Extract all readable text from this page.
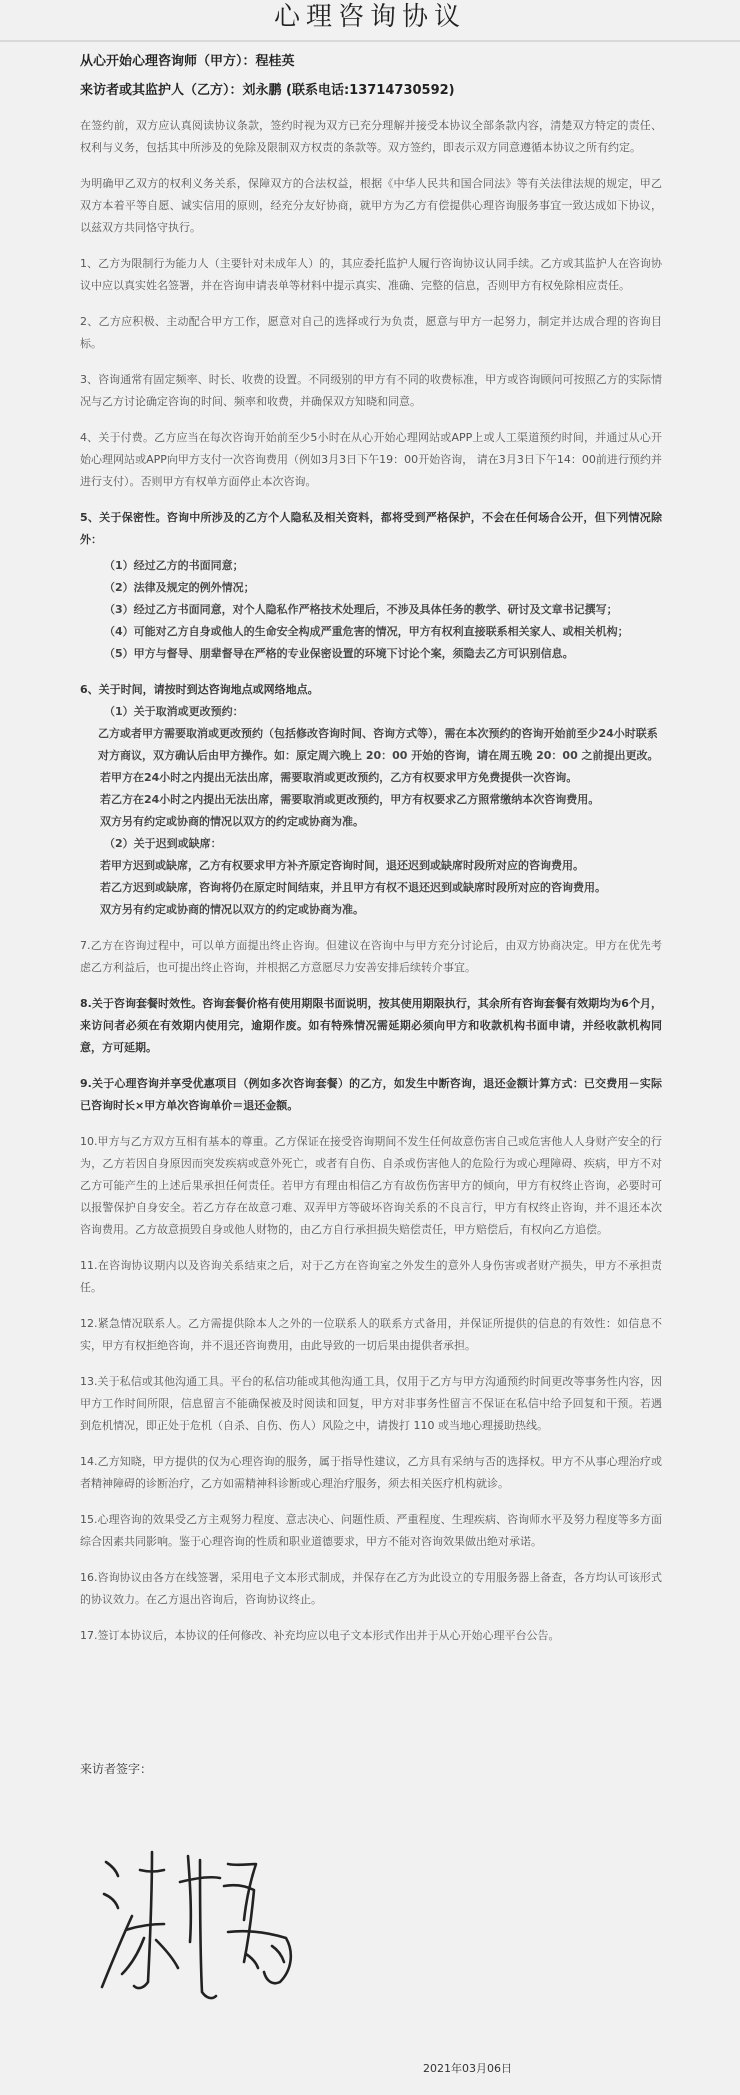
心理咨询协议
从心开始心理咨询师（甲方）：程桂英
来访者或其监护人（乙方）：刘永鹏 (联系电话:13714730592)

在签约前，双方应认真阅读协议条款，签约时视为双方已充分理解并接受本协议全部条款内容，清楚双方特定的责任、权利与义务，包括其中所涉及的免除及限制双方权责的条款等。双方签约，即表示双方同意遵循本协议之所有约定。

为明确甲乙双方的权利义务关系，保障双方的合法权益，根据《中华人民共和国合同法》等有关法律法规的规定，甲乙双方本着平等自愿、诚实信用的原则，经充分友好协商，就甲方为乙方有偿提供心理咨询服务事宜一致达成如下协议，以兹双方共同恪守执行。

1、乙方为限制行为能力人（主要针对未成年人）的，其应委托监护人履行咨询协议认同手续。乙方或其监护人在咨询协议中应以真实姓名签署，并在咨询申请表单等材料中提示真实、准确、完整的信息，否则甲方有权免除相应责任。

2、乙方应积极、主动配合甲方工作，愿意对自己的选择或行为负责，愿意与甲方一起努力，制定并达成合理的咨询目标。

3、咨询通常有固定频率、时长、收费的设置。不同级别的甲方有不同的收费标准，甲方或咨询顾问可按照乙方的实际情况与乙方讨论确定咨询的时间、频率和收费，并确保双方知晓和同意。

4、关于付费。乙方应当在每次咨询开始前至少5小时在从心开始心理网站或APP上或人工渠道预约时间，并通过从心开始心理网站或APP向甲方支付一次咨询费用（例如3月3日下午19：00开始咨询， 请在3月3日下午14：00前进行预约并进行支付）。否则甲方有权单方面停止本次咨询。

5、关于保密性。咨询中所涉及的乙方个人隐私及相关资料，都将受到严格保护，不会在任何场合公开，但下列情况除外：

（1）经过乙方的书面同意；
（2）法律及规定的例外情况；
（3）经过乙方书面同意，对个人隐私作严格技术处理后，不涉及具体任务的教学、研讨及文章书记撰写；
（4）可能对乙方自身或他人的生命安全构成严重危害的情况，甲方有权利直接联系相关家人、或相关机构；
（5）甲方与督导、朋辈督导在严格的专业保密设置的环境下讨论个案，须隐去乙方可识别信息。

6、关于时间，请按时到达咨询地点或网络地点。

（1）关于取消或更改预约：
乙方或者甲方需要取消或更改预约（包括修改咨询时间、咨询方式等），需在本次预约的咨询开始前至少24小时联系对方商议，双方确认后由甲方操作。如：原定周六晚上 20：00 开始的咨询，请在周五晚 20：00 之前提出更改。
若甲方在24小时之内提出无法出席，需要取消或更改预约，乙方有权要求甲方免费提供一次咨询。
若乙方在24小时之内提出无法出席，需要取消或更改预约，甲方有权要求乙方照常缴纳本次咨询费用。
双方另有约定或协商的情况以双方的约定或协商为准。
（2）关于迟到或缺席：
若甲方迟到或缺席，乙方有权要求甲方补齐原定咨询时间，退还迟到或缺席时段所对应的咨询费用。
若乙方迟到或缺席，咨询将仍在原定时间结束，并且甲方有权不退还迟到或缺席时段所对应的咨询费用。
双方另有约定或协商的情况以双方的约定或协商为准。

7.乙方在咨询过程中，可以单方面提出终止咨询。但建议在咨询中与甲方充分讨论后，由双方协商决定。甲方在优先考虑乙方利益后，也可提出终止咨询，并根据乙方意愿尽力安善安排后续转介事宜。

8.关于咨询套餐时效性。咨询套餐价格有使用期限书面说明，按其使用期限执行，其余所有咨询套餐有效期均为6个月，来访问者必须在有效期内使用完，逾期作废。如有特殊情况需延期必须向甲方和收款机构书面申请，并经收款机构同意，方可延期。

9.关于心理咨询并享受优惠项目（例如多次咨询套餐）的乙方，如发生中断咨询，退还金额计算方式：已交费用－实际已咨询时长×甲方单次咨询单价＝退还金额。

10.甲方与乙方双方互相有基本的尊重。乙方保证在接受咨询期间不发生任何故意伤害自己或危害他人人身财产安全的行为，乙方若因自身原因而突发疾病或意外死亡，或者有自伤、自杀或伤害他人的危险行为或心理障碍、疾病，甲方不对乙方可能产生的上述后果承担任何责任。若甲方有理由相信乙方有故伤伤害甲方的倾向，甲方有权终止咨询，必要时可以报警保护自身安全。若乙方存在故意刁难、双弄甲方等破坏咨询关系的不良言行，甲方有权终止咨询，并不退还本次咨询费用。乙方故意损毁自身或他人财物的，由乙方自行承担损失赔偿责任，甲方赔偿后，有权向乙方追偿。

11.在咨询协议期内以及咨询关系结束之后，对于乙方在咨询室之外发生的意外人身伤害或者财产损失，甲方不承担责任。

12.紧急情况联系人。乙方需提供除本人之外的一位联系人的联系方式备用，并保证所提供的信息的有效性：如信息不实，甲方有权拒绝咨询，并不退还咨询费用，由此导致的一切后果由提供者承担。

13.关于私信或其他沟通工具。平台的私信功能或其他沟通工具，仅用于乙方与甲方沟通预约时间更改等事务性内容，因甲方工作时间所限，信息留言不能确保被及时阅读和回复，甲方对非事务性留言不保证在私信中给予回复和干预。若遇到危机情况，即正处于危机（自杀、自伤、伤人）风险之中，请拨打 110 或当地心理援助热线。

14.乙方知晓，甲方提供的仅为心理咨询的服务，属于指导性建议，乙方具有采纳与否的选择权。甲方不从事心理治疗或者精神障碍的诊断治疗，乙方如需精神科诊断或心理治疗服务，须去相关医疗机构就诊。

15.心理咨询的效果受乙方主观努力程度、意志决心、问题性质、严重程度、生理疾病、咨询师水平及努力程度等多方面综合因素共同影响。鉴于心理咨询的性质和职业道德要求，甲方不能对咨询效果做出绝对承诺。

16.咨询协议由各方在线签署，采用电子文本形式制成，并保存在乙方为此设立的专用服务器上备查，各方均认可该形式的协议效力。在乙方退出咨询后，咨询协议终止。

17.签订本协议后，本协议的任何修改、补充均应以电子文本形式作出并于从心开始心理平台公告。

来访者签字：
2021年03月06日
